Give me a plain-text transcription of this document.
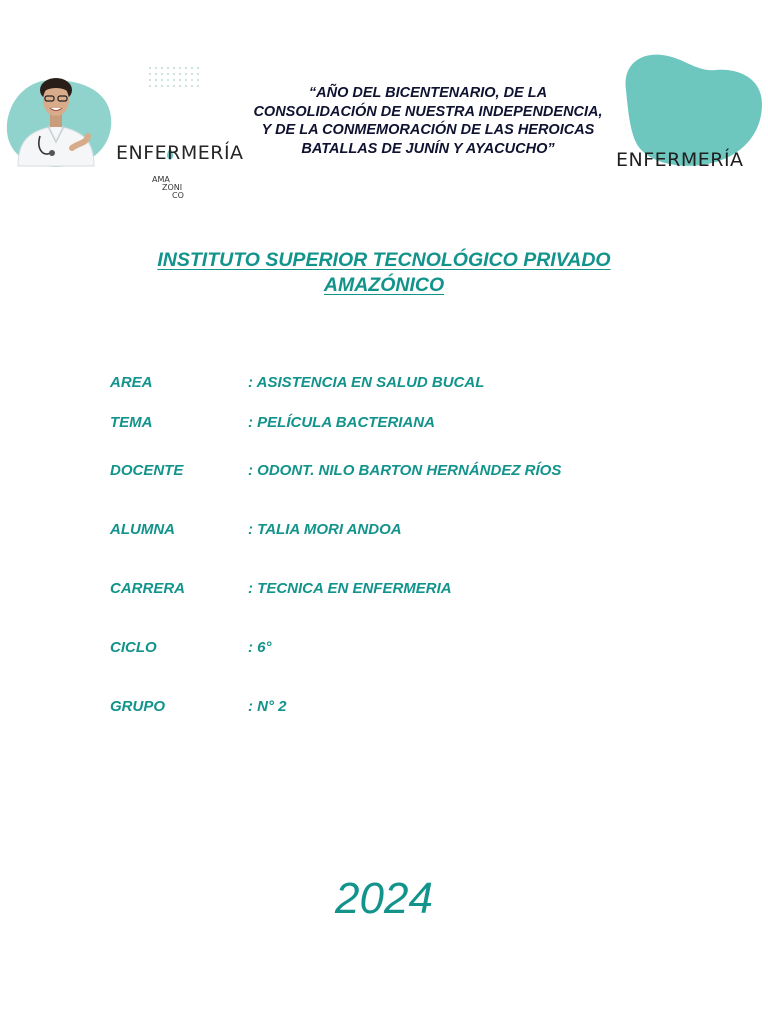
ENFERMERÍA
AMA
ZONI
CO
“AÑO DEL BICENTENARIO, DE LA CONSOLIDACIÓN DE NUESTRA INDEPENDENCIA, Y DE LA CONMEMORACIÓN DE LAS HEROICAS BATALLAS DE JUNÍN Y AYACUCHO”
ENFERMERÍA
INSTITUTO SUPERIOR TECNOLÓGICO PRIVADO
AMAZÓNICO
AREA	: ASISTENCIA EN SALUD BUCAL
TEMA	: PELÍCULA BACTERIANA
DOCENTE	: ODONT. NILO BARTON HERNÁNDEZ RÍOS
ALUMNA	: TALIA MORI ANDOA
CARRERA	: TECNICA EN ENFERMERIA
CICLO	: 6°
GRUPO	: N° 2
2024
